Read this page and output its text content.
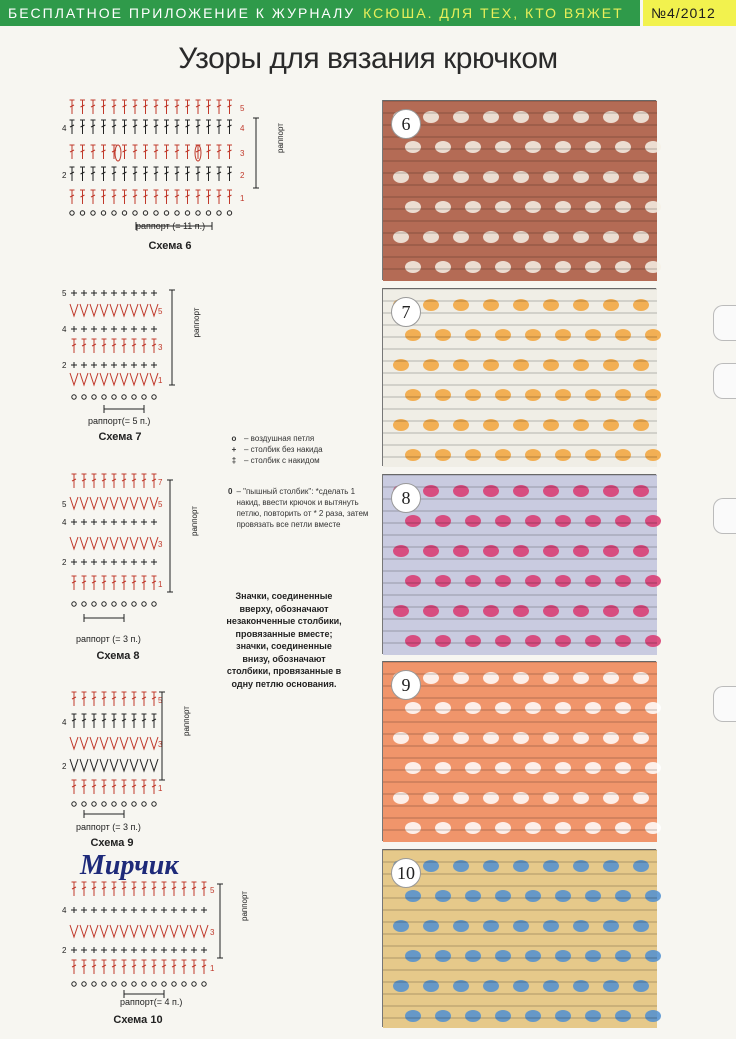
БЕСПЛАТНОЕ ПРИЛОЖЕНИЕ К ЖУРНАЛУ КСЮША. ДЛЯ ТЕХ, КТО ВЯЖЕТ	№4/2012
Узоры для вязания крючком
1
2
3
4
5
2
4	раппорт
раппорт (= 11 п.)
Схема 6
1
3
5
2
4
5
раппорт
раппорт(= 5 п.)
Схема 7
1
3
5
7
2
4
5
раппорт
раппорт (= 3 п.)
Схема 8
1
3
5
2
4	раппорт
раппорт (= 3 п.)
Схема 9
1
3
5
2
4	раппорт
раппорт(= 4 п.)
Схема 10
Мирчик
o – воздушная петля
+ – столбик без накида
‡ – столбик с накидом
0 – "пышный столбик": *сделать 1 накид, ввести крючок и вытянуть петлю, повторить от * 2 раза, затем провязать все петли вместе
Значки, соединенные вверху, обозначают незаконченные столбики, провязанные вместе; значки, соединенные внизу, обозначают столбики, провязанные в одну петлю основания.
6
7
8
9
10
